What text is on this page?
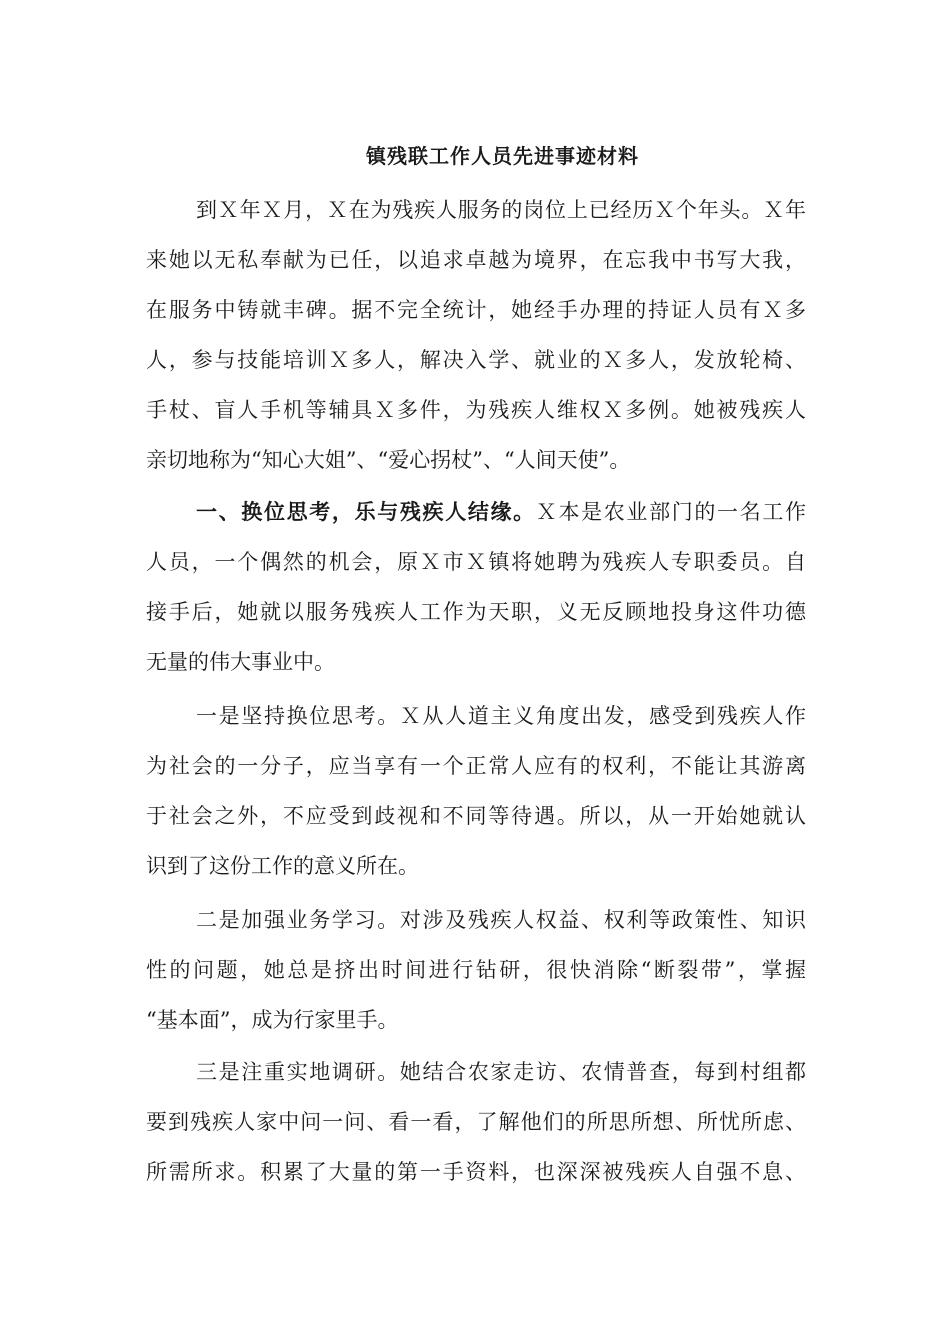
镇残联工作人员先进事迹材料

到Ｘ年Ｘ月，Ｘ在为残疾人服务的岗位上已经历Ｘ个年头。Ｘ年

来她以无私奉献为已任，以追求卓越为境界，在忘我中书写大我，

在服务中铸就丰碑。据不完全统计，她经手办理的持证人员有Ｘ多

人，参与技能培训Ｘ多人，解决入学、就业的Ｘ多人，发放轮椅、

手杖、盲人手机等辅具Ｘ多件，为残疾人维权Ｘ多例。她被残疾人

亲切地称为“知心大姐”、“爱心拐杖”、“人间天使”。

一、换位思考，乐与残疾人结缘。Ｘ本是农业部门的一名工作

人员，一个偶然的机会，原Ｘ市Ｘ镇将她聘为残疾人专职委员。自

接手后，她就以服务残疾人工作为天职，义无反顾地投身这件功德

无量的伟大事业中。

一是坚持换位思考。Ｘ从人道主义角度出发，感受到残疾人作

为社会的一分子，应当享有一个正常人应有的权利，不能让其游离

于社会之外，不应受到歧视和不同等待遇。所以，从一开始她就认

识到了这份工作的意义所在。

二是加强业务学习。对涉及残疾人权益、权利等政策性、知识

性的问题，她总是挤出时间进行钻研，很快消除“断裂带”，掌握

“基本面”，成为行家里手。

三是注重实地调研。她结合农家走访、农情普查，每到村组都

要到残疾人家中问一问、看一看，了解他们的所思所想、所忧所虑、

所需所求。积累了大量的第一手资料，也深深被残疾人自强不息、
